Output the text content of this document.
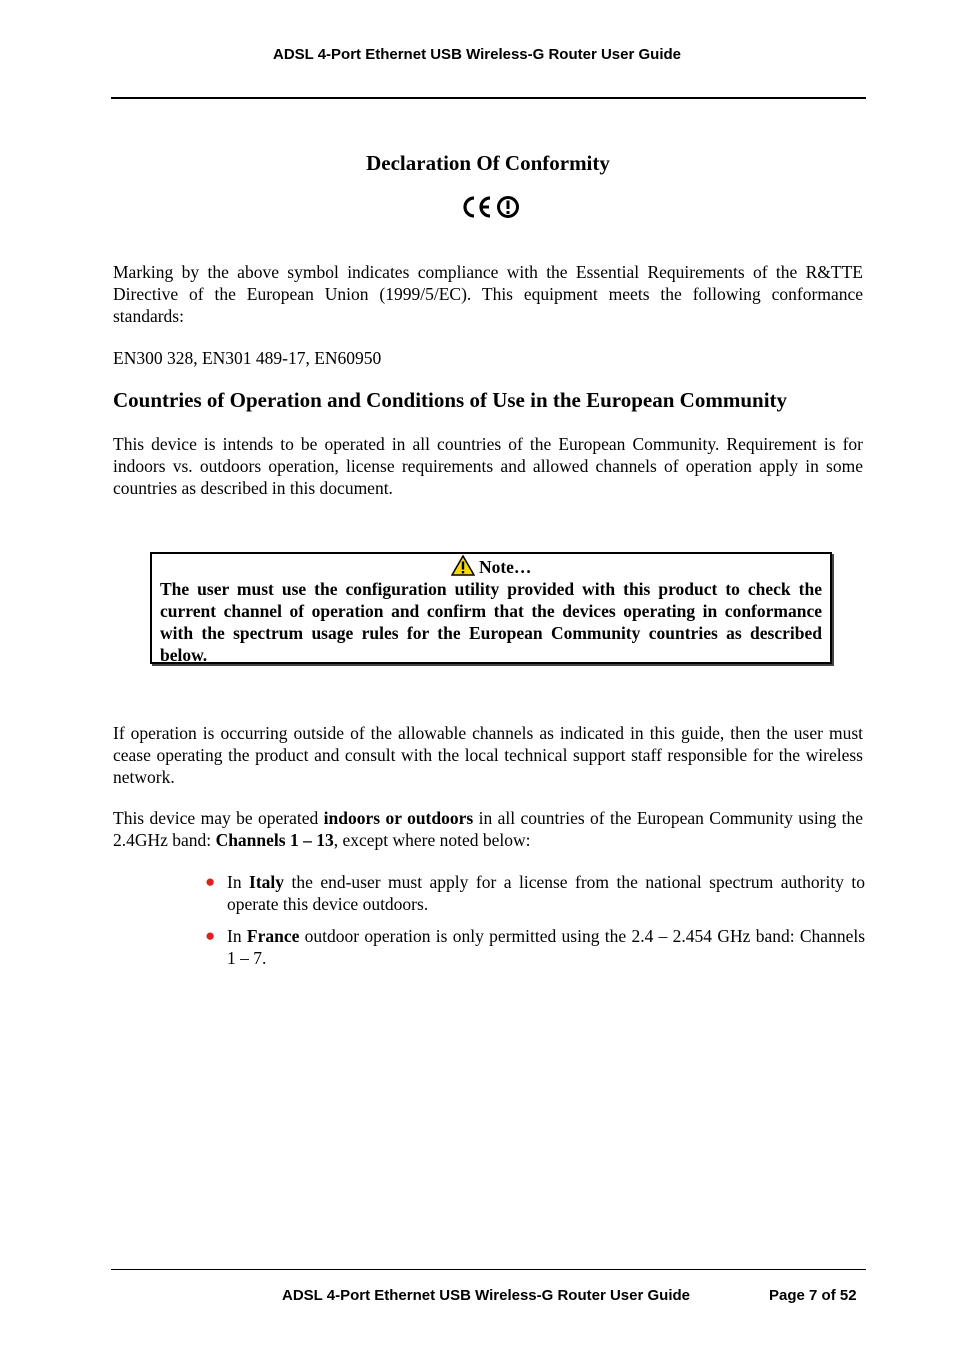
ADSL 4-Port Ethernet USB Wireless-G Router User Guide
Declaration Of Conformity
Marking by the above symbol indicates compliance with the Essential Requirements of the R&TTE Directive of the European Union (1999/5/EC). This equipment meets the following conformance standards:
EN300 328, EN301 489-17, EN60950
Countries of Operation and Conditions of Use in the European Community
This device is intends to be operated in all countries of the European Community. Requirement is for indoors vs. outdoors operation, license requirements and allowed channels of operation apply in some countries as described in this document.
Note…
The user must use the configuration utility provided with this product to check the current channel of operation and confirm that the devices operating in conformance with the spectrum usage rules for the European Community countries as described below.
If operation is occurring outside of the allowable channels as indicated in this guide, then the user must cease operating the product and consult with the local technical support staff responsible for the wireless network.
This device may be operated indoors or outdoors in all countries of the European Community using the 2.4GHz band: Channels 1 – 13, except where noted below:
● In Italy the end-user must apply for a license from the national spectrum authority to operate this device outdoors.
● In France outdoor operation is only permitted using the 2.4 – 2.454 GHz band: Channels 1 – 7.
ADSL 4-Port Ethernet USB Wireless-G Router User Guide	Page 7 of 52
